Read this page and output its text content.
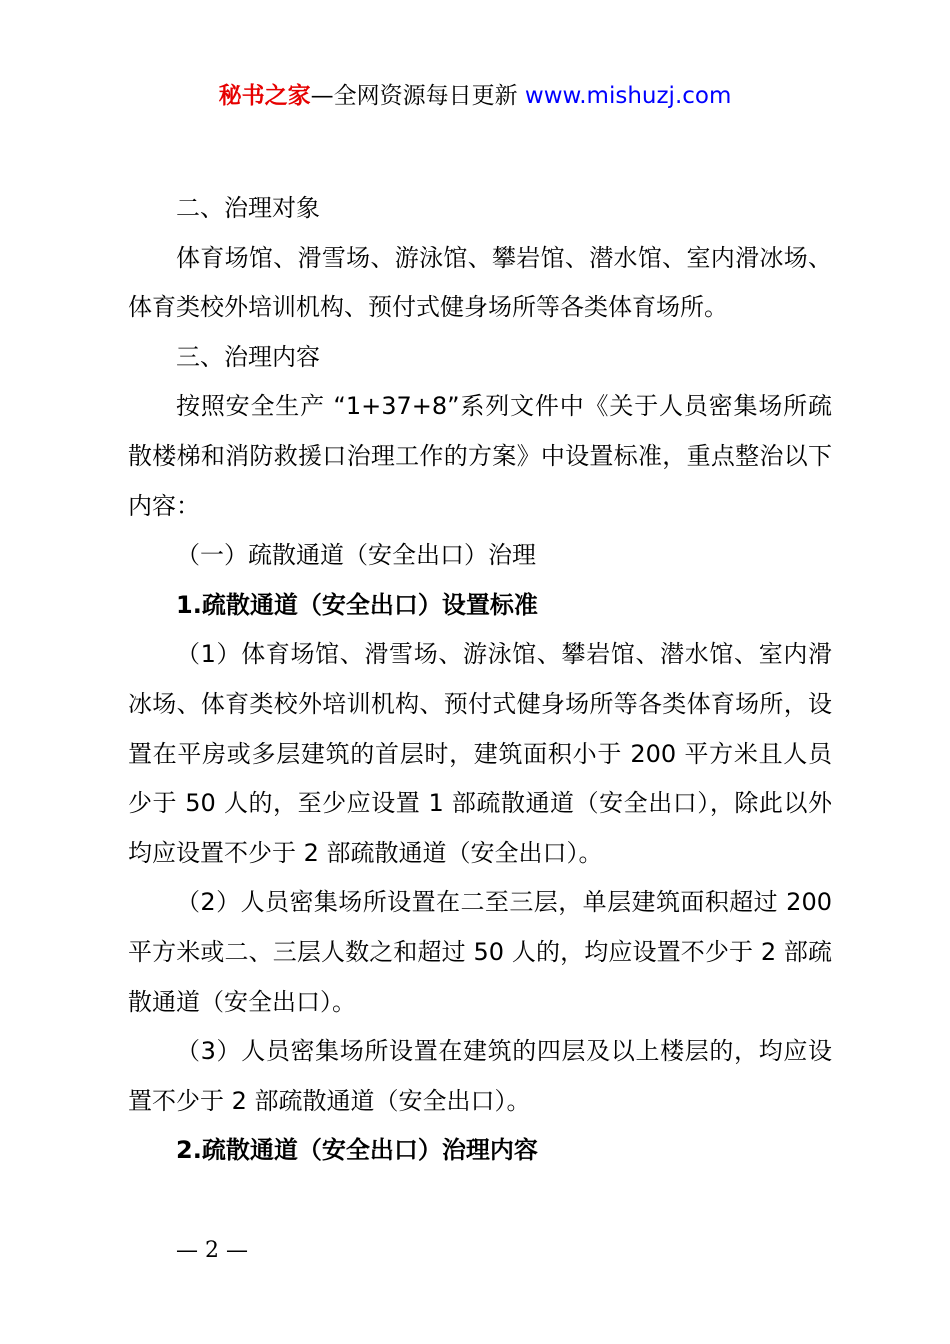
秘书之家—全网资源每日更新 www.mishuzj.com

二、治理对象

体育场馆、滑雪场、游泳馆、攀岩馆、潜水馆、室内滑冰场、体育类校外培训机构、预付式健身场所等各类体育场所。

三、治理内容

按照安全生产 “1+37+8”系列文件中《关于人员密集场所疏散楼梯和消防救援口治理工作的方案》中设置标准，重点整治以下内容：

（一）疏散通道（安全出口）治理

1.疏散通道（安全出口）设置标准

（1）体育场馆、滑雪场、游泳馆、攀岩馆、潜水馆、室内滑冰场、体育类校外培训机构、预付式健身场所等各类体育场所，设置在平房或多层建筑的首层时，建筑面积小于 200 平方米且人员少于 50 人的，至少应设置 1 部疏散通道（安全出口），除此以外均应设置不少于 2 部疏散通道（安全出口）。

（2）人员密集场所设置在二至三层，单层建筑面积超过 200 平方米或二、三层人数之和超过 50 人的，均应设置不少于 2 部疏散通道（安全出口）。

（3）人员密集场所设置在建筑的四层及以上楼层的，均应设置不少于 2 部疏散通道（安全出口）。

2.疏散通道（安全出口）治理内容

— 2 —
